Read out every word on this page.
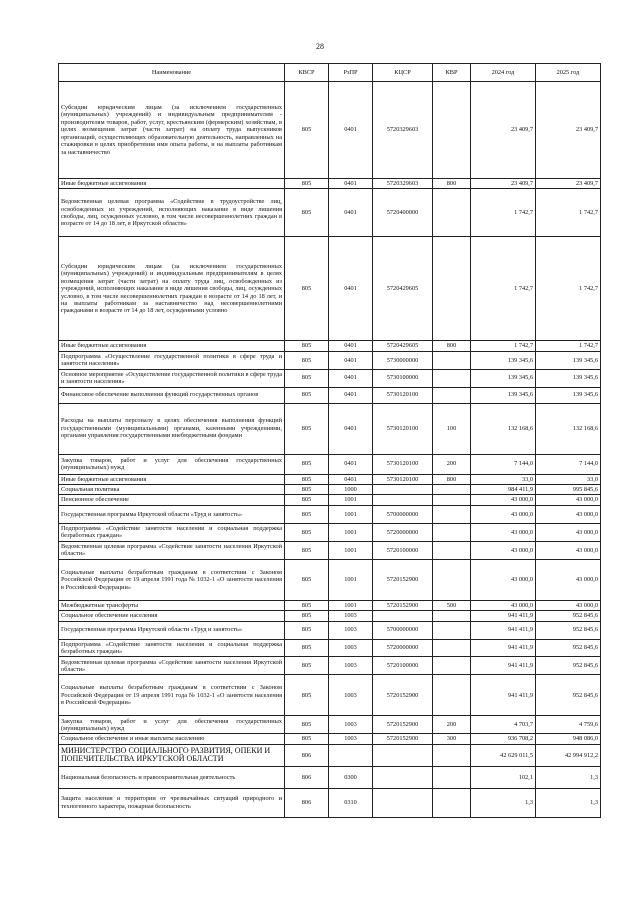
28
Наименование	КВСР	РзПР	КЦСР	КВР	2024 год	2025 год
Субсидии юридическим лицам (за исключением государственных (муниципальных) учреждений) и индивидуальным предпринимателям - производителям товаров, работ, услуг, крестьянским (фермерским) хозяйствам, в целях возмещения затрат (части затрат) на оплату труда выпускников организаций, осуществляющих образовательную деятельность, направленных на стажировки в целях приобретения ими опыта работы, и на выплаты работникам за наставничество	805	0401	5720329603		23 409,7	23 409,7
Иные бюджетные ассигнования	805	0401	5720329603	800	23 409,7	23 409,7
Ведомственная целевая программа «Содействие в трудоустройстве лиц, освобожденных из учреждений, исполняющих наказание в виде лишения свободы, лиц, осужденных условно, в том числе несовершеннолетних граждан в возрасте от 14 до 18 лет, в Иркутской области»	805	0401	5720400000		1 742,7	1 742,7
Субсидии юридическим лицам (за исключением государственных (муниципальных) учреждений) и индивидуальным предпринимателям в целях возмещения затрат (части затрат) на оплату труда лиц, освобожденных из учреждений, исполняющих наказание в виде лишения свободы, лиц, осужденных условно, в том числе несовершеннолетних граждан в возрасте от 14 до 18 лет, и на выплаты работникам за наставничество над несовершеннолетними гражданами в возрасте от 14 до 18 лет, осужденными условно	805	0401	5720429605		1 742,7	1 742,7
Иные бюджетные ассигнования	805	0401	5720429605	800	1 742,7	1 742,7
Подпрограмма «Осуществление государственной политики в сфере труда и занятости населения»	805	0401	5730000000		139 345,6	139 345,6
Основное мероприятие «Осуществление государственной политики в сфере труда и занятости населения»	805	0401	5730100000		139 345,6	139 345,6
Финансовое обеспечение выполнения функций государственных органов	805	0401	5730120100		139 345,6	139 345,6
Расходы на выплаты персоналу в целях обеспечения выполнения функций государственными (муниципальными) органами, казенными учреждениями, органами управления государственными внебюджетными фондами	805	0401	5730120100	100	132 168,6	132 168,6
Закупка товаров, работ и услуг для обеспечения государственных (муниципальных) нужд	805	0401	5730120100	200	7 144,0	7 144,0
Иные бюджетные ассигнования	805	0401	5730120100	800	33,0	33,0
Социальная политика	805	1000			984 411,9	995 845,6
Пенсионное обеспечение	805	1001			43 000,0	43 000,0
Государственная программа Иркутской области «Труд и занятость»	805	1001	5700000000		43 000,0	43 000,0
Подпрограмма «Содействие занятости населения и социальная поддержка безработных граждан»	805	1001	5720000000		43 000,0	43 000,0
Ведомственная целевая программа «Содействие занятости населения Иркутской области»	805	1001	5720100000		43 000,0	43 000,0
Социальные выплаты безработным гражданам в соответствии с Законом Российской Федерации от 19 апреля 1991 года № 1032-1 «О занятости населения в Российской Федерации»	805	1001	5720152900		43 000,0	43 000,0
Межбюджетные трансферты	805	1001	5720152900	500	43 000,0	43 000,0
Социальное обеспечение населения	805	1003			941 411,9	952 845,6
Государственная программа Иркутской области «Труд и занятость»	805	1003	5700000000		941 411,9	952 845,6
Подпрограмма «Содействие занятости населения и социальная поддержка безработных граждан»	805	1003	5720000000		941 411,9	952 845,6
Ведомственная целевая программа «Содействие занятости населения Иркутской области»	805	1003	5720100000		941 411,9	952 845,6
Социальные выплаты безработным гражданам в соответствии с Законом Российской Федерации от 19 апреля 1991 года № 1032-1 «О занятости населения в Российской Федерации»	805	1003	5720152900		941 411,9	952 845,6
Закупка товаров, работ и услуг для обеспечения государственных (муниципальных) нужд	805	1003	5720152900	200	4 703,7	4 759,6
Социальное обеспечение и иные выплаты населению	805	1003	5720152900	300	936 708,2	948 086,0
МИНИСТЕРСТВО СОЦИАЛЬНОГО РАЗВИТИЯ, ОПЕКИ И ПОПЕЧИТЕЛЬСТВА ИРКУТСКОЙ ОБЛАСТИ	806				42 629 011,5	42 994 912,2
Национальная безопасность и правоохранительная деятельность	806	0300			102,1	1,3
Защита населения и территории от чрезвычайных ситуаций природного и техногенного характера, пожарная безопасность	806	0310			1,3	1,3
